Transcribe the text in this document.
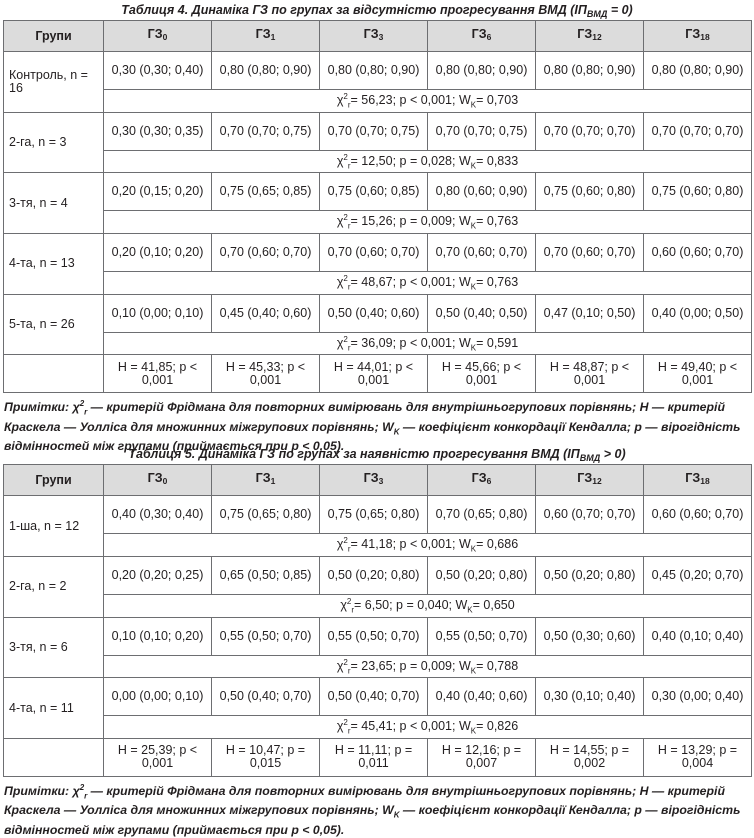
Таблиця 4. Динаміка ГЗ по групах за відсутністю прогресування ВМД $(ІП_{ВМД} = 0)$
Групи	ГЗ0	ГЗ1	ГЗ3	ГЗ6	ГЗ12	ГЗ18
Контроль, n = 16	0,30 (0,30; 0,40)	0,80 (0,80; 0,90)	0,80 (0,80; 0,90)	0,80 (0,80; 0,90)	0,80 (0,80; 0,90)	0,80 (0,80; 0,90)
	$\chi^2_r= 56,23$; р < 0,001; $W_K= 0,703$					
2-га, n = 3	0,30 (0,30; 0,35)	0,70 (0,70; 0,75)	0,70 (0,70; 0,75)	0,70 (0,70; 0,75)	0,70 (0,70; 0,70)	0,70 (0,70; 0,70)
	$\chi^2_r= 12,50$; р = 0,028; $W_K= 0,833$					
3-тя, n = 4	0,20 (0,15; 0,20)	0,75 (0,65; 0,85)	0,75 (0,60; 0,85)	0,80 (0,60; 0,90)	0,75 (0,60; 0,80)	0,75 (0,60; 0,80)
	$\chi^2_r= 15,26$; р = 0,009; $W_K= 0,763$					
4-та, n = 13	0,20 (0,10; 0,20)	0,70 (0,60; 0,70)	0,70 (0,60; 0,70)	0,70 (0,60; 0,70)	0,70 (0,60; 0,70)	0,60 (0,60; 0,70)
	$\chi^2_r= 48,67$; р < 0,001; $W_K= 0,763$					
5-та, n = 26	0,10 (0,00; 0,10)	0,45 (0,40; 0,60)	0,50 (0,40; 0,60)	0,50 (0,40; 0,50)	0,47 (0,10; 0,50)	0,40 (0,00; 0,50)
	$\chi^2_r= 36,09$; р < 0,001; $W_K= 0,591$					
	Н = 41,85; р < 0,001	Н = 45,33; р < 0,001	Н = 44,01; р < 0,001	Н = 45,66; р < 0,001	Н = 48,87; р < 0,001	Н = 49,40; р < 0,001
Примітки: $\chi^2_r$ — критерій Фрідмана для повторних вимірювань для внутрішньогрупових порівнянь; Н — критерій Краскела — Уолліса для множинних міжгрупових порівнянь; $W_K$ — коефіцієнт конкордації Кендалла; р — вірогідність відмінностей між групами (приймається при р < 0,05).
Таблиця 5. Динаміка ГЗ по групах за наявністю прогресування ВМД $(ІП_{ВМД} > 0)$
Групи	ГЗ0	ГЗ1	ГЗ3	ГЗ6	ГЗ12	ГЗ18
1-ша, n = 12	0,40 (0,30; 0,40)	0,75 (0,65; 0,80)	0,75 (0,65; 0,80)	0,70 (0,65; 0,80)	0,60 (0,70; 0,70)	0,60 (0,60; 0,70)
	$\chi^2_r= 41,18$; р < 0,001; $W_K= 0,686$					
2-га, n = 2	0,20 (0,20; 0,25)	0,65 (0,50; 0,85)	0,50 (0,20; 0,80)	0,50 (0,20; 0,80)	0,50 (0,20; 0,80)	0,45 (0,20; 0,70)
	$\chi^2_r= 6,50$; р = 0,040; $W_K= 0,650$					
3-тя, n = 6	0,10 (0,10; 0,20)	0,55 (0,50; 0,70)	0,55 (0,50; 0,70)	0,55 (0,50; 0,70)	0,50 (0,30; 0,60)	0,40 (0,10; 0,40)
	$\chi^2_r= 23,65$; р = 0,009; $W_K= 0,788$					
4-та, n = 11	0,00 (0,00; 0,10)	0,50 (0,40; 0,70)	0,50 (0,40; 0,70)	0,40 (0,40; 0,60)	0,30 (0,10; 0,40)	0,30 (0,00; 0,40)
	$\chi^2_r= 45,41$; р < 0,001; $W_K= 0,826$					
	Н = 25,39; р < 0,001	Н = 10,47; р = 0,015	Н = 11,11; р = 0,011	Н = 12,16; р = 0,007	Н = 14,55; р = 0,002	Н = 13,29; р = 0,004
Примітки: $\chi^2_r$ — критерій Фрідмана для повторних вимірювань для внутрішньогрупових порівнянь; Н — критерій Краскела — Уолліса для множинних міжгрупових порівнянь; $W_K$ — коефіцієнт конкордації Кендалла; р — вірогідність відмінностей між групами (приймається при р < 0,05).
